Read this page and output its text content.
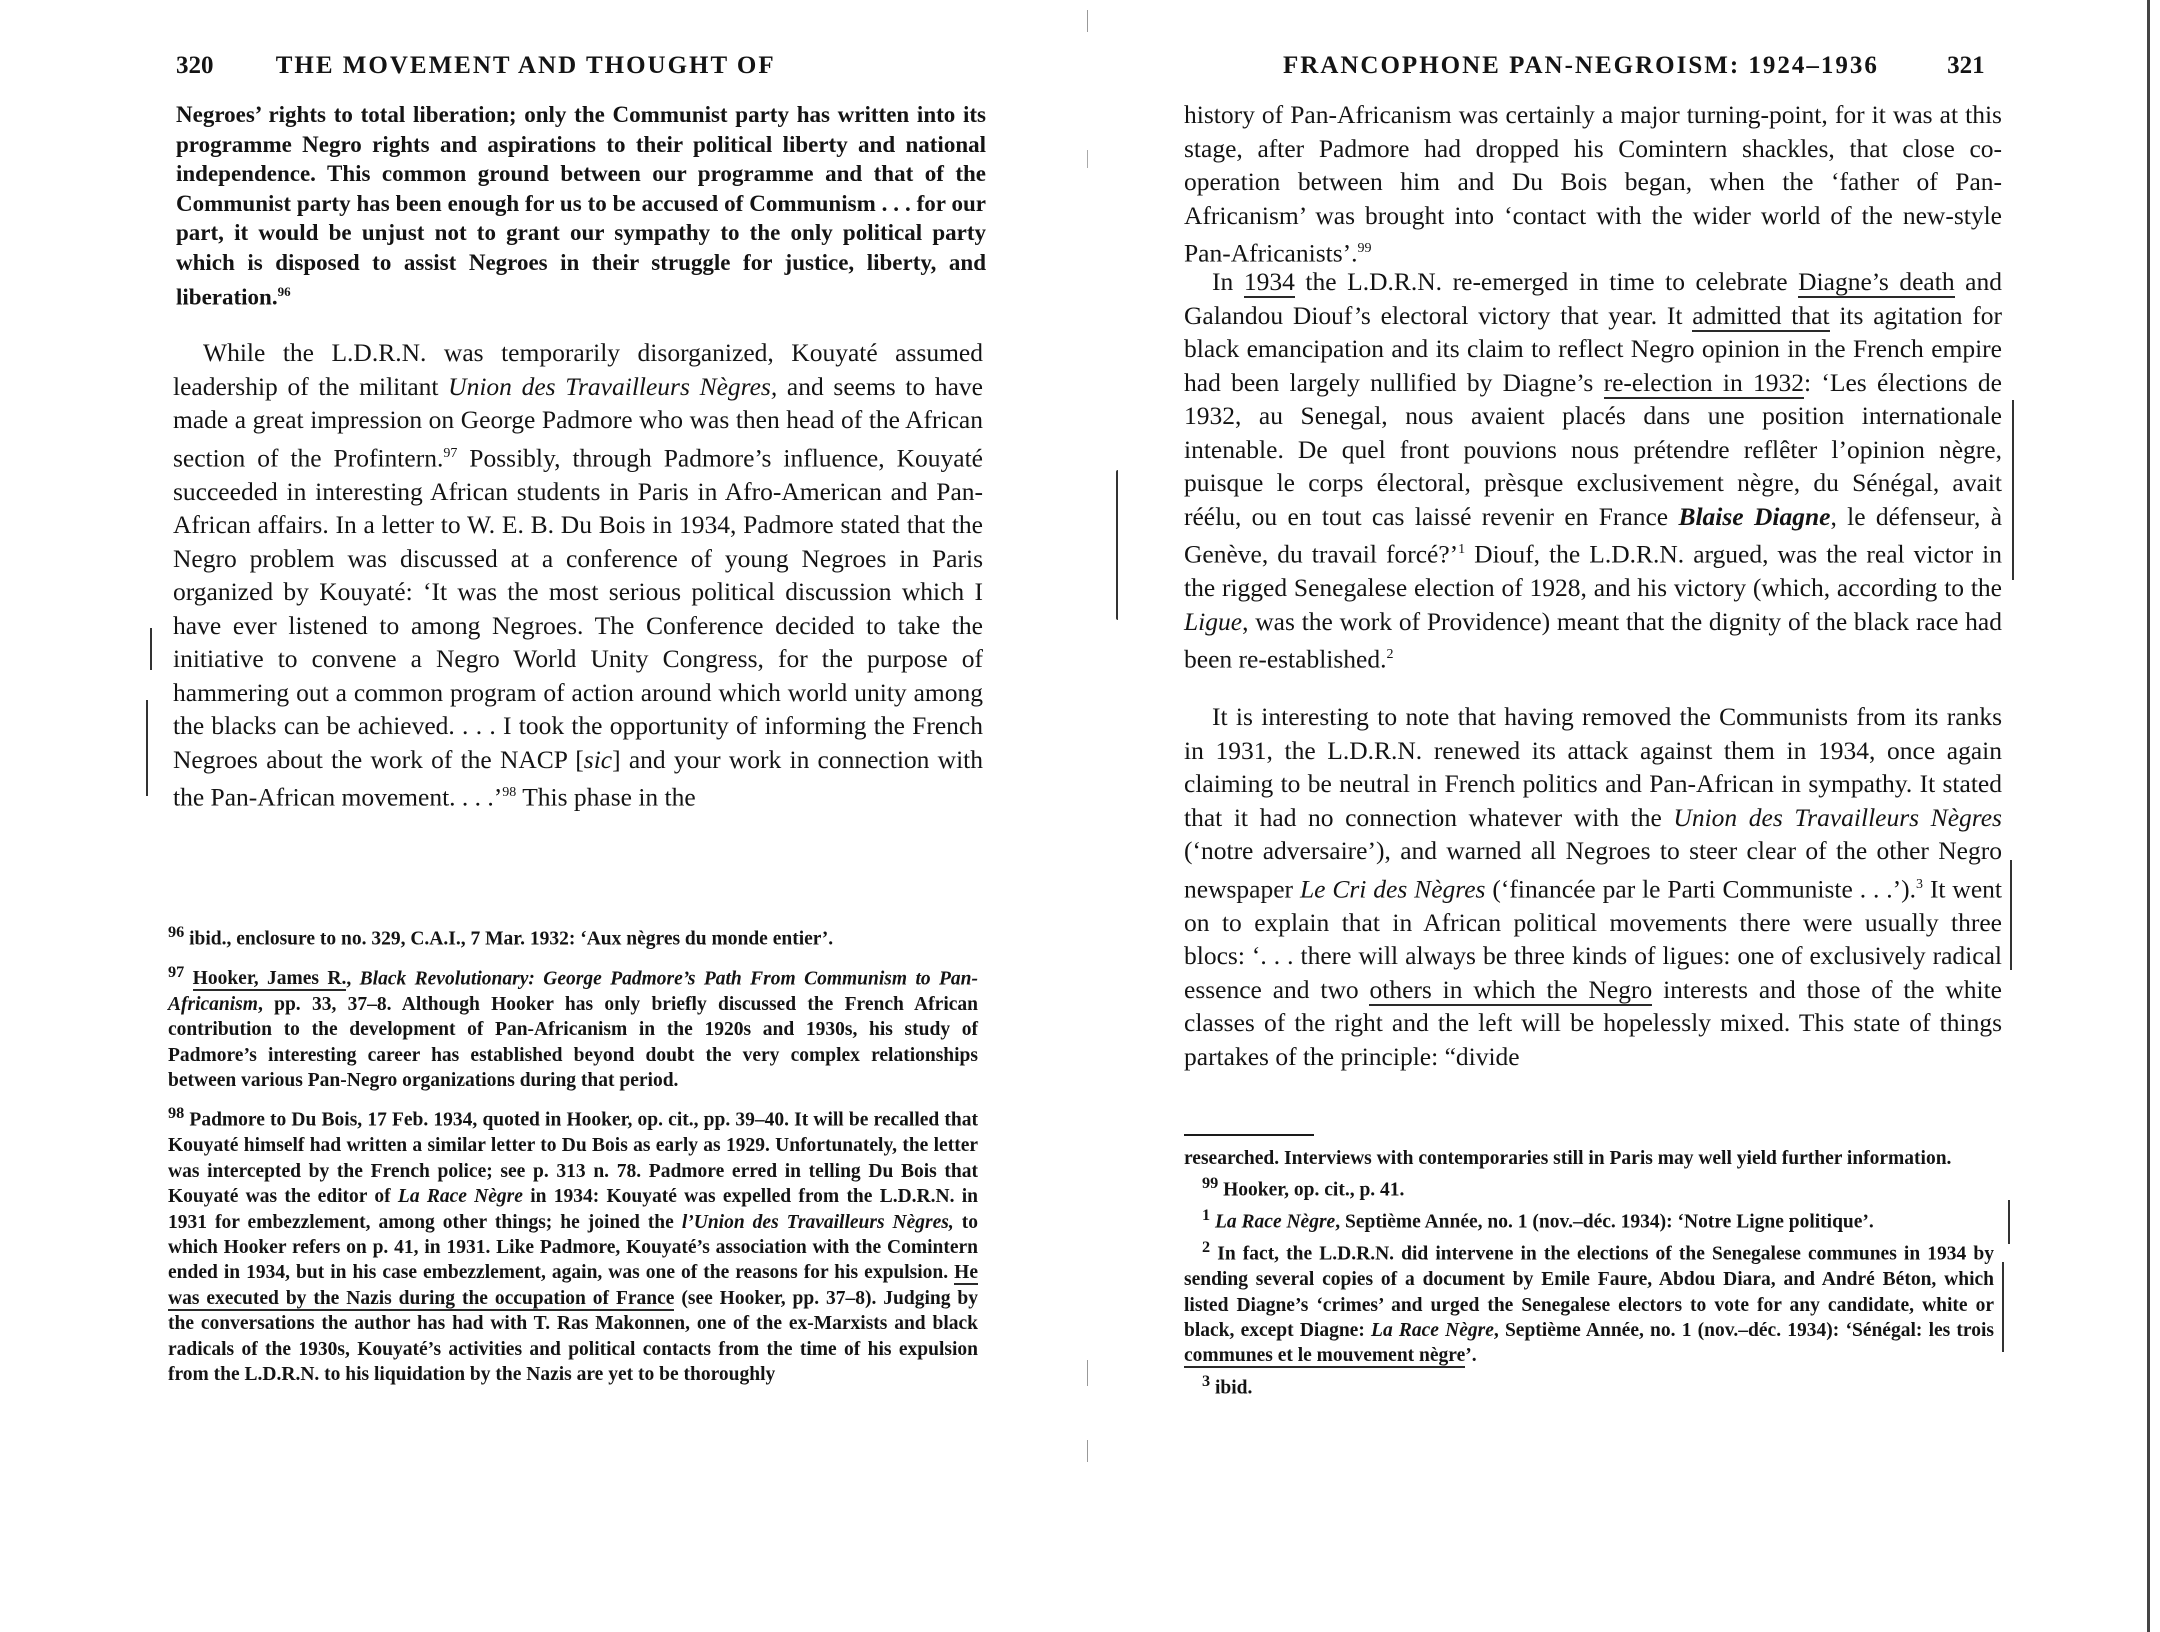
320 THE MOVEMENT AND THOUGHT OF

Negroes’ rights to total liberation; only the Communist party has written into its programme Negro rights and aspirations to their political liberty and national independence. This common ground between our programme and that of the Communist party has been enough for us to be accused of Communism . . . for our part, it would be unjust not to grant our sympathy to the only political party which is disposed to assist Negroes in their struggle for justice, liberty, and liberation.$^{96}$

While the L.D.R.N. was temporarily disorganized, Kouyaté assumed leadership of the militant Union des Travailleurs Nègres, and seems to have made a great impression on George Padmore who was then head of the African section of the Profintern.$^{97}$ Possibly, through Padmore’s influence, Kouyaté succeeded in interesting African students in Paris in Afro-American and Pan-African affairs. In a letter to W. E. B. Du Bois in 1934, Padmore stated that the Negro problem was discussed at a conference of young Negroes in Paris organized by Kouyaté: ‘It was the most serious political discussion which I have ever listened to among Negroes. The Conference decided to take the initiative to convene a Negro World Unity Congress, for the purpose of hammering out a common program of action around which world unity among the blacks can be achieved. . . . I took the opportunity of informing the French Negroes about the work of the NACP [sic] and your work in connection with the Pan-African movement. . . .’$^{98}$ This phase in the

$^{96}$ ibid., enclosure to no. 329, C.A.I., 7 Mar. 1932: ‘Aux nègres du monde entier’.

$^{97}$ Hooker, James R., Black Revolutionary: George Padmore’s Path From Communism to Pan-Africanism, pp. 33, 37–8. Although Hooker has only briefly discussed the French African contribution to the development of Pan-Africanism in the 1920s and 1930s, his study of Padmore’s interesting career has established beyond doubt the very complex relationships between various Pan-Negro organizations during that period.

$^{98}$ Padmore to Du Bois, 17 Feb. 1934, quoted in Hooker, op. cit., pp. 39–40. It will be recalled that Kouyaté himself had written a similar letter to Du Bois as early as 1929. Unfortunately, the letter was intercepted by the French police; see p. 313 n. 78. Padmore erred in telling Du Bois that Kouyaté was the editor of La Race Nègre in 1934: Kouyaté was expelled from the L.D.R.N. in 1931 for embezzlement, among other things; he joined the l’Union des Travailleurs Nègres, to which Hooker refers on p. 41, in 1931. Like Padmore, Kouyaté’s association with the Comintern ended in 1934, but in his case embezzlement, again, was one of the reasons for his expulsion. He was executed by the Nazis during the occupation of France (see Hooker, pp. 37–8). Judging by the conversations the author has had with T. Ras Makonnen, one of the ex-Marxists and black radicals of the 1930s, Kouyaté’s activities and political contacts from the time of his expulsion from the L.D.R.N. to his liquidation by the Nazis are yet to be thoroughly

FRANCOPHONE PAN-NEGROISM: 1924–1936	321

history of Pan-Africanism was certainly a major turning-point, for it was at this stage, after Padmore had dropped his Comintern shackles, that close co-operation between him and Du Bois began, when the ‘father of Pan-Africanism’ was brought into ‘contact with the wider world of the new-style Pan-Africanists’.$^{99}$

In 1934 the L.D.R.N. re-emerged in time to celebrate Diagne’s death and Galandou Diouf’s electoral victory that year. It admitted that its agitation for black emancipation and its claim to reflect Negro opinion in the French empire had been largely nullified by Diagne’s re-election in 1932: ‘Les élections de 1932, au Senegal, nous avaient placés dans une position internationale intenable. De quel front pouvions nous prétendre reflêter l’opinion nègre, puisque le corps électoral, prèsque exclusivement nègre, du Sénégal, avait réélu, ou en tout cas laissé revenir en France Blaise Diagne, le défenseur, à Genève, du travail forcé?’$^1$ Diouf, the L.D.R.N. argued, was the real victor in the rigged Senegalese election of 1928, and his victory (which, according to the Ligue, was the work of Providence) meant that the dignity of the black race had been re-established.$^2$

It is interesting to note that having removed the Communists from its ranks in 1931, the L.D.R.N. renewed its attack against them in 1934, once again claiming to be neutral in French politics and Pan-African in sympathy. It stated that it had no connection whatever with the Union des Travailleurs Nègres (‘notre adversaire’), and warned all Negroes to steer clear of the other Negro newspaper Le Cri des Nègres (‘financée par le Parti Communiste . . .’).$^3$ It went on to explain that in African political movements there were usually three blocs: ‘. . . there will always be three kinds of ligues: one of exclusively radical essence and two others in which the Negro interests and those of the white classes of the right and the left will be hopelessly mixed. This state of things partakes of the principle: “divide

researched. Interviews with contemporaries still in Paris may well yield further information.

$^{99}$ Hooker, op. cit., p. 41.

$^1$ La Race Nègre, Septième Année, no. 1 (nov.–déc. 1934): ‘Notre Ligne politique’.

$^2$ In fact, the L.D.R.N. did intervene in the elections of the Senegalese communes in 1934 by sending several copies of a document by Emile Faure, Abdou Diara, and André Béton, which listed Diagne’s ‘crimes’ and urged the Senegalese electors to vote for any candidate, white or black, except Diagne: La Race Nègre, Septième Année, no. 1 (nov.–déc. 1934): ‘Sénégal: les trois communes et le mouvement nègre’.

$^3$ ibid.
